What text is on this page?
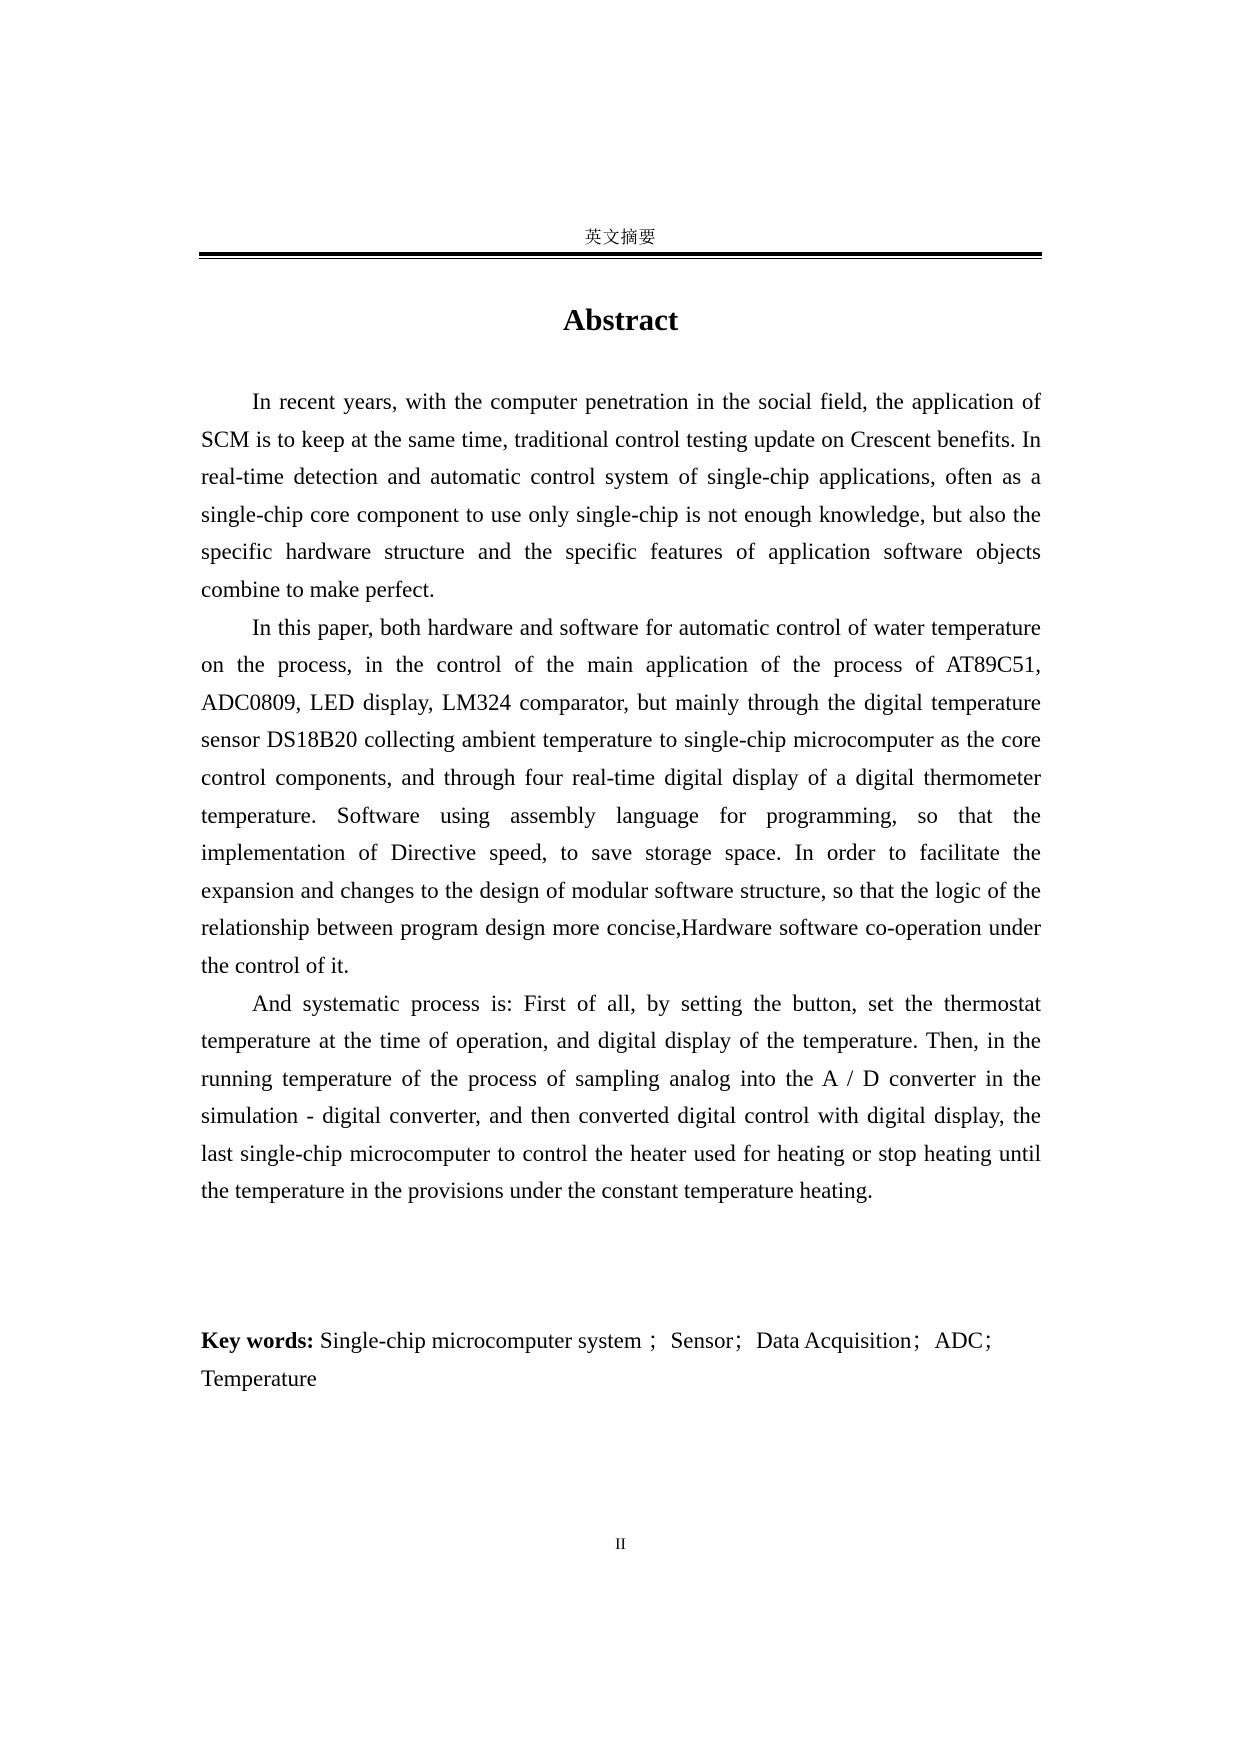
英文摘要
Abstract

In recent years, with the computer penetration in the social field, the application of SCM is to keep at the same time, traditional control testing update on Crescent benefits. In real-time detection and automatic control system of single-chip applications, often as a single-chip core component to use only single-chip is not enough knowledge, but also the specific hardware structure and the specific features of application software objects combine to make perfect.

In this paper, both hardware and software for automatic control of water temperature on the process, in the control of the main application of the process of AT89C51, ADC0809, LED display, LM324 comparator, but mainly through the digital temperature sensor DS18B20 collecting ambient temperature to single-chip microcomputer as the core control components, and through four real-time digital display of a digital thermometer temperature. Software using assembly language for programming, so that the implementation of Directive speed, to save storage space. In order to facilitate the expansion and changes to the design of modular software structure, so that the logic of the relationship between program design more concise,Hardware software co-operation under the control of it.

And systematic process is: First of all, by setting the button, set the thermostat temperature at the time of operation, and digital display of the temperature. Then, in the running temperature of the process of sampling analog into the A / D converter in the simulation - digital converter, and then converted digital control with digital display, the last single-chip microcomputer to control the heater used for heating or stop heating until the temperature in the provisions under the constant temperature heating.

Key words: Single-chip microcomputer system ；Sensor；Data Acquisition；ADC；Temperature
II
